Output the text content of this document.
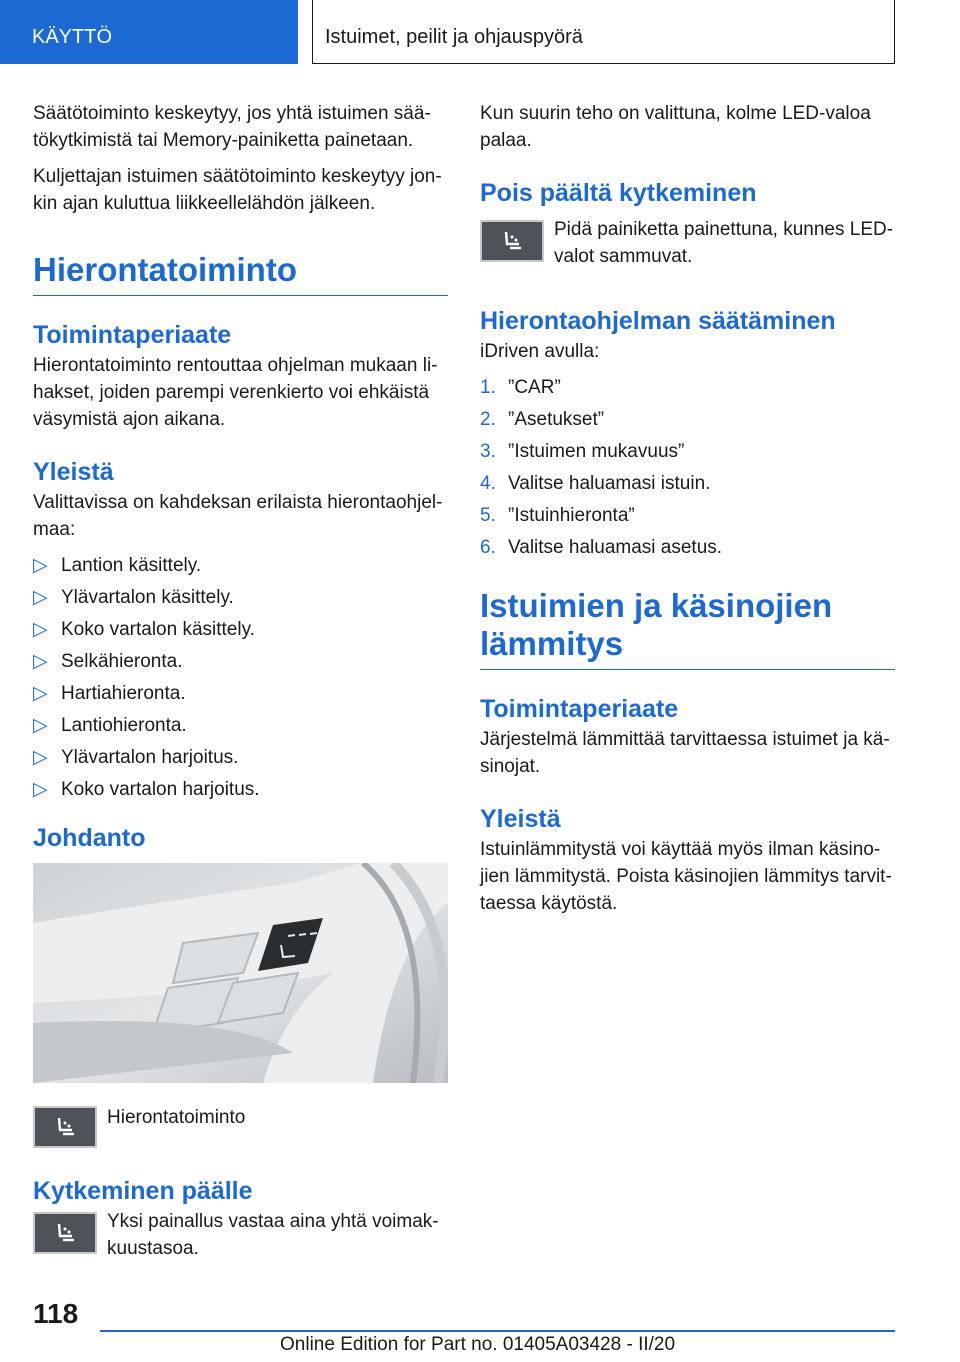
KÄYTTÖ	Istuimet, peilit ja ohjauspyörä

Säätötoiminto keskeytyy, jos yhtä istuimen säätökytkimistä tai Memory-painiketta painetaan.

Kuljettajan istuimen säätötoiminto keskeytyy jonkin ajan kuluttua liikkeellelähdön jälkeen.

Hierontatoiminto
Toimintaperiaate

Hierontatoiminto rentouttaa ohjelman mukaan lihakset, joiden parempi verenkierto voi ehkäistä väsymistä ajon aikana.

Yleistä

Valittavissa on kahdeksan erilaista hierontaohjelmaa:

▷ Lantion käsittely.
▷ Ylävartalon käsittely.
▷ Koko vartalon käsittely.
▷ Selkähieronta.
▷ Hartiahieronta.
▷ Lantiohieronta.
▷ Ylävartalon harjoitus.
▷ Koko vartalon harjoitus.
Johdanto

Hierontatoiminto

Kytkeminen päälle

Yksi painallus vastaa aina yhtä voimakkuustasoa.

Kun suurin teho on valittuna, kolme LED-valoa palaa.

Pois päältä kytkeminen

Pidä painiketta painettuna, kunnes LED-valot sammuvat.

Hierontaohjelman säätäminen

iDriven avulla:

1. ”CAR”
2. ”Asetukset”
3. ”Istuimen mukavuus”
4. Valitse haluamasi istuin.
5. ”Istuinhieronta”
6. Valitse haluamasi asetus.
Istuimien ja käsinojien lämmitys
Toimintaperiaate

Järjestelmä lämmittää tarvittaessa istuimet ja käsinojat.

Yleistä

Istuinlämmitystä voi käyttää myös ilman käsinojien lämmitystä. Poista käsinojien lämmitys tarvittaessa käytöstä.

118
Online Edition for Part no. 01405A03428 - II/20
